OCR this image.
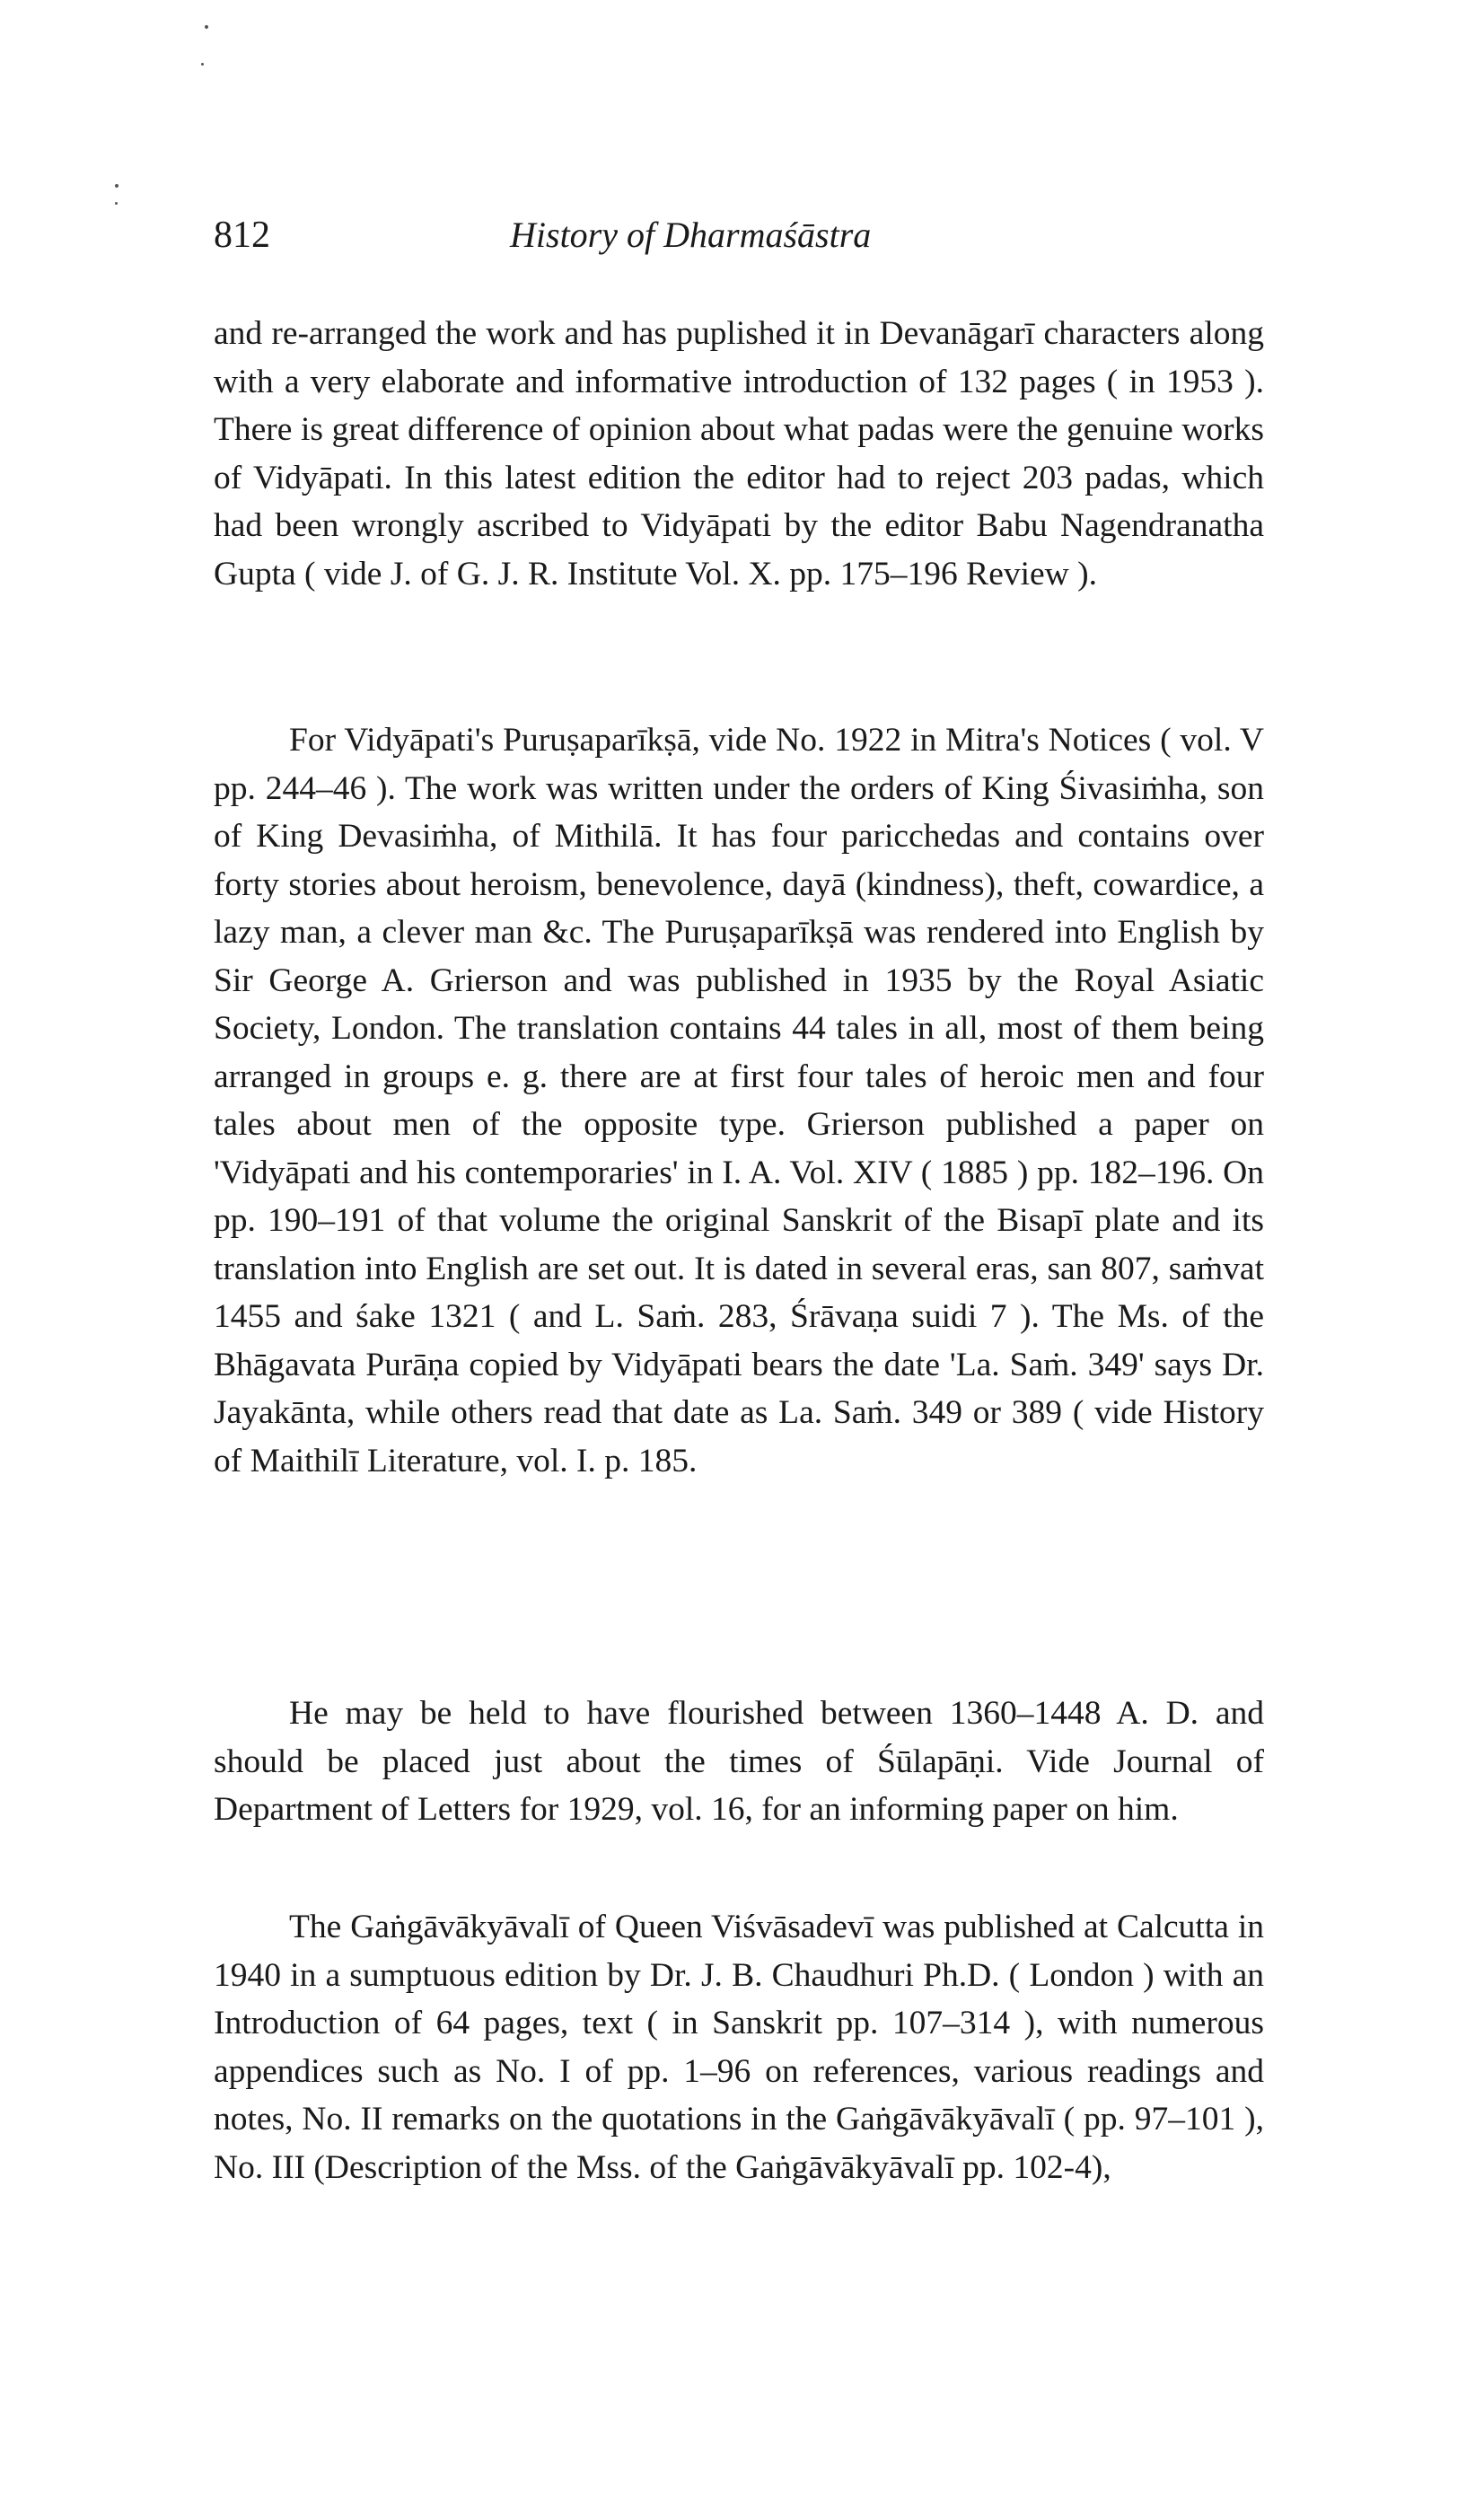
812	History of Dharmaśāstra

and re-arranged the work and has puplished it in Devanāgarī characters along with a very elaborate and informative introduction of 132 pages ( in 1953 ). There is great difference of opinion about what padas were the genuine works of Vidyāpati. In this latest edition the editor had to reject 203 padas, which had been wrongly ascribed to Vidyāpati by the editor Babu Nagendranatha Gupta ( vide J. of G. J. R. Institute Vol. X. pp. 175–196 Review ).

For Vidyāpati's Puruṣaparīkṣā, vide No. 1922 in Mitra's Notices ( vol. V pp. 244–46 ). The work was written under the orders of King Śivasiṁha, son of King Devasiṁha, of Mithilā. It has four paricchedas and contains over forty stories about heroism, benevolence, dayā (kindness), theft, cowardice, a lazy man, a clever man &c. The Puruṣaparīkṣā was rendered into English by Sir George A. Grierson and was published in 1935 by the Royal Asiatic Society, London. The translation contains 44 tales in all, most of them being arranged in groups e. g. there are at first four tales of heroic men and four tales about men of the opposite type. Grierson published a paper on 'Vidyāpati and his contemporaries' in I. A. Vol. XIV ( 1885 ) pp. 182–196. On pp. 190–191 of that volume the original Sanskrit of the Bisapī plate and its translation into English are set out. It is dated in several eras, san 807, saṁvat 1455 and śake 1321 ( and L. Saṁ. 283, Śrāvaṇa suidi 7 ). The Ms. of the Bhāgavata Purāṇa copied by Vidyāpati bears the date 'La. Saṁ. 349' says Dr. Jayakānta, while others read that date as La. Saṁ. 349 or 389 ( vide History of Maithilī Literature, vol. I. p. 185.

He may be held to have flourished between 1360–1448 A. D. and should be placed just about the times of Śūlapāṇi. Vide Journal of Department of Letters for 1929, vol. 16, for an informing paper on him.

The Gaṅgāvākyāvalī of Queen Viśvāsadevī was published at Calcutta in 1940 in a sumptuous edition by Dr. J. B. Chaudhuri Ph.D. ( London ) with an Introduction of 64 pages, text ( in Sanskrit pp. 107–314 ), with numerous appendices such as No. I of pp. 1–96 on references, various readings and notes, No. II remarks on the quotations in the Gaṅgāvākyāvalī ( pp. 97–101 ), No. III (Description of the Mss. of the Gaṅgāvākyāvalī pp. 102-4),
